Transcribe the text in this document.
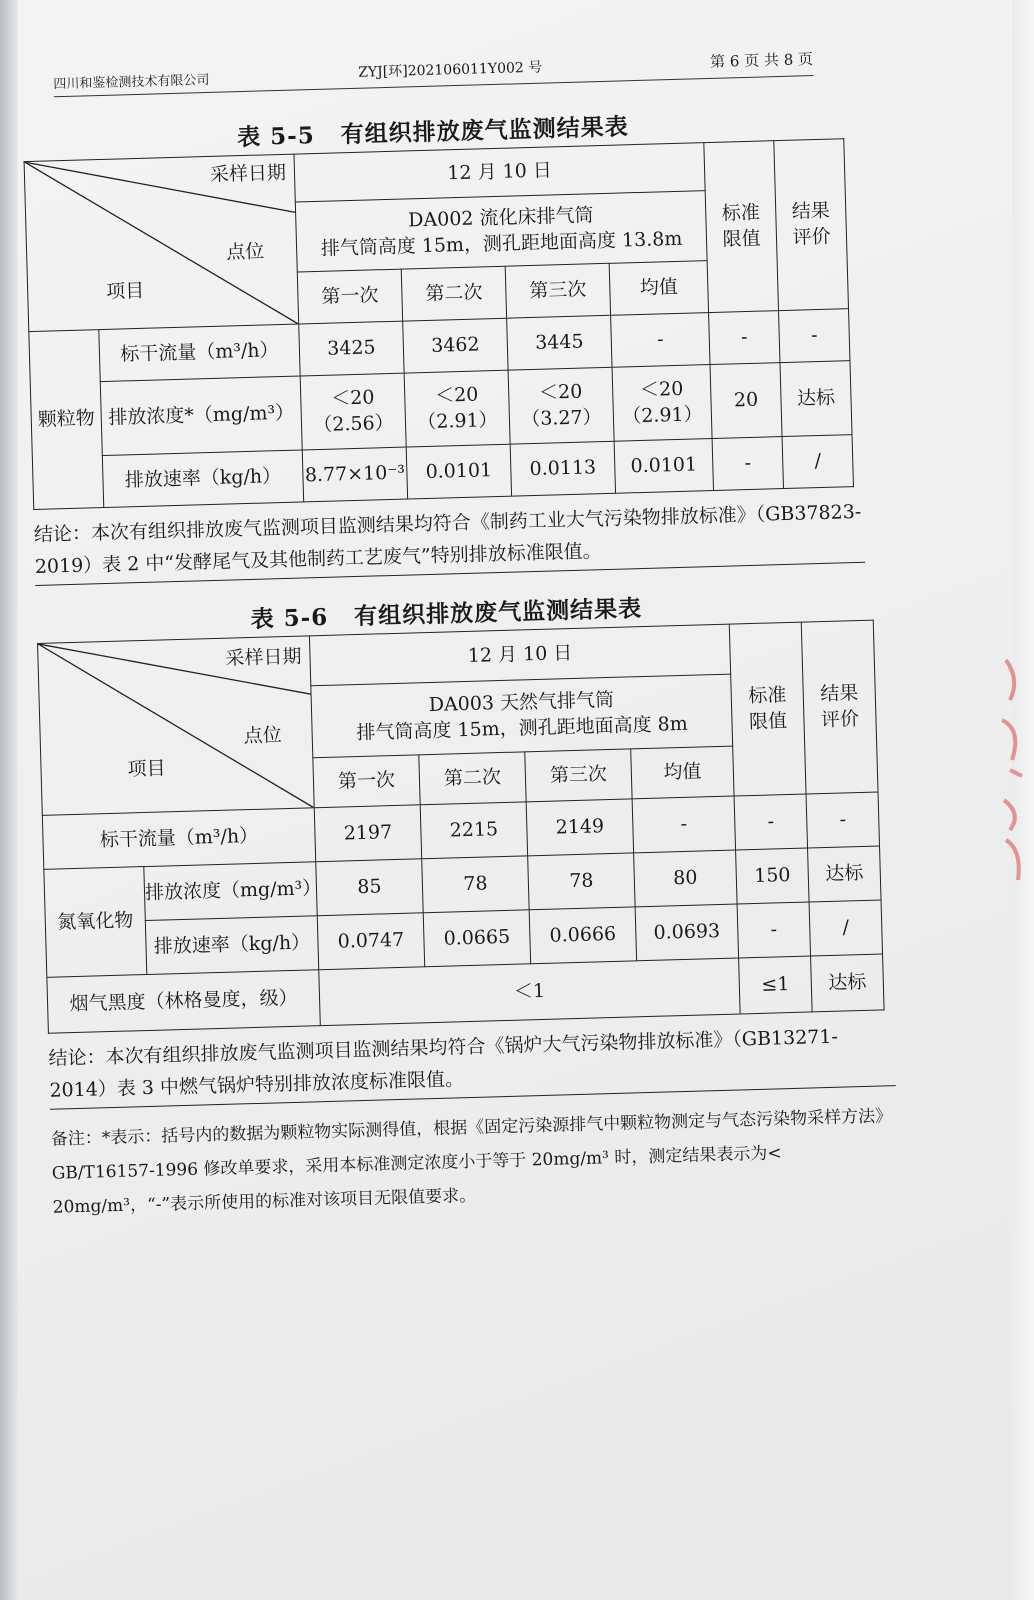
四川和鉴检测技术有限公司
ZYJ[环]202106011Y002 号	第 6 页 共 8 页
表 5-5 有组织排放废气监测结果表
采样日期
点位
项目		12 月 10 日				标准限值	结果评价

		DA002 流化床排气筒
排气筒高度 15m，测孔距地面高度 13.8m					

		第一次	第二次	第三次	均值		
颗粒物	标干流量（m³/h）	3425	3462	3445	-	-	-
	排放浓度*（mg/m³）	＜20
（2.56）	＜20
（2.91）	＜20
（3.27）	＜20
（2.91）	20	达标
	排放速率（kg/h）	8.77×10⁻³	0.0101	0.0113	0.0101	-	/
结论：本次有组织排放废气监测项目监测结果均符合《制药工业大气污染物排放标准》（GB37823-2019）表 2 中“发酵尾气及其他制药工艺废气”特别排放标准限值。
表 5-6 有组织排放废气监测结果表
采样日期
点位
项目		12 月 10 日				标准限值	结果评价

		DA003 天然气排气筒
排气筒高度 15m，测孔距地面高度 8m					

		第一次	第二次	第三次	均值		
标干流量（m³/h）		2197	2215	2149	-	-	-
氮氧化物	排放浓度（mg/m³）	85	78	78	80	150	达标
	排放速率（kg/h）	0.0747	0.0665	0.0666	0.0693	-	/
烟气黑度（林格曼度，级）		＜1				≤1	达标
结论：本次有组织排放废气监测项目监测结果均符合《锅炉大气污染物排放标准》（GB13271-2014）表 3 中燃气锅炉特别排放浓度标准限值。
备注：*表示：括号内的数据为颗粒物实际测得值，根据《固定污染源排气中颗粒物测定与气态污染物采样方法》GB/T16157-1996 修改单要求，采用本标准测定浓度小于等于 20mg/m³ 时，测定结果表示为< 20mg/m³，“-”表示所使用的标准对该项目无限值要求。
